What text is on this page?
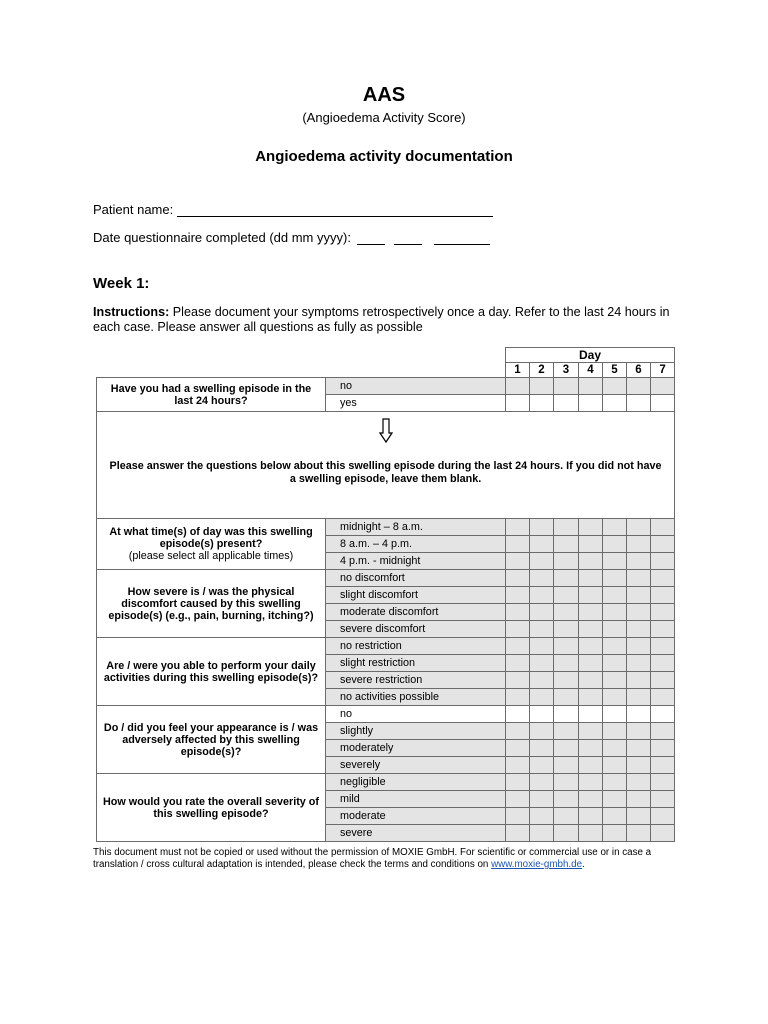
AAS
(Angioedema Activity Score)
Angioedema activity documentation
Patient name:
Date questionnaire completed (dd mm yyyy):
Week 1:
Instructions: Please document your symptoms retrospectively once a day. Refer to the last 24 hours in each case. Please answer all questions as fully as possible
		Day						
		1	2	3	4	5	6	7
Have you had a swelling episode in the last 24 hours?	no							
	yes							

Please answer the questions below about this swelling episode during the last 24 hours. If you did not have a swelling episode, leave them blank.								

At what time(s) of day was this swelling episode(s) present?
(please select all applicable times)	midnight – 8 a.m.							
	8 a.m. – 4 p.m.							
	4 p.m. - midnight							
How severe is / was the physical discomfort caused by this swelling episode(s) (e.g., pain, burning, itching?)	no discomfort							
	slight discomfort							
	moderate discomfort							
	severe discomfort							
Are / were you able to perform your daily activities during this swelling episode(s)?	no restriction							
	slight restriction							
	severe restriction							
	no activities possible							
Do / did you feel your appearance is / was adversely affected by this swelling episode(s)?	no							
	slightly							
	moderately							
	severely							
How would you rate the overall severity of this swelling episode?	negligible							
	mild							
	moderate							
	severe							
This document must not be copied or used without the permission of MOXIE GmbH. For scientific or commercial use or in case a translation / cross cultural adaptation is intended, please check the terms and conditions on www.moxie-gmbh.de.
